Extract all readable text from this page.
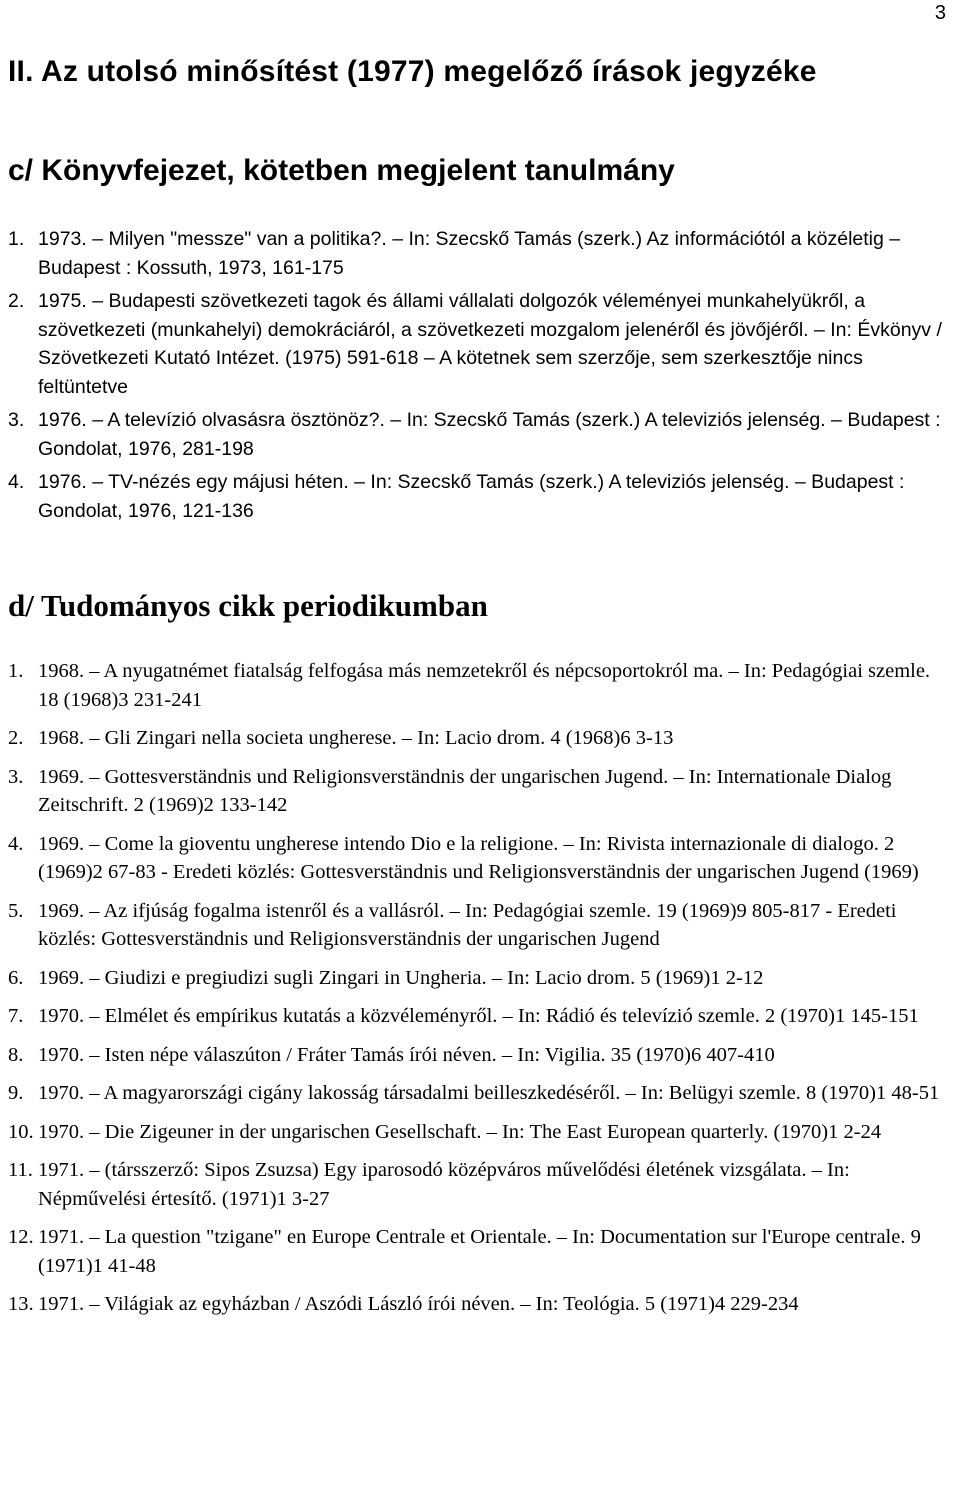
3
II. Az utolsó minősítést (1977) megelőző írások jegyzéke
c/ Könyvfejezet, kötetben megjelent tanulmány
1. 1973. – Milyen "messze" van a politika?. – In: Szecskő Tamás (szerk.) Az információtól a közéletig – Budapest : Kossuth, 1973, 161-175
2. 1975. – Budapesti szövetkezeti tagok és állami vállalati dolgozók véleményei munkahelyükről, a szövetkezeti (munkahelyi) demokráciáról, a szövetkezeti mozgalom jelenéről és jövőjéről. – In: Évkönyv / Szövetkezeti Kutató Intézet. (1975) 591-618 – A kötetnek sem szerzője, sem szerkesztője nincs feltüntetve
3. 1976. – A televízió olvasásra ösztönöz?. – In: Szecskő Tamás (szerk.) A televiziós jelenség. – Budapest : Gondolat, 1976, 281-198
4. 1976. – TV-nézés egy májusi héten. – In: Szecskő Tamás (szerk.) A televiziós jelenség. – Budapest : Gondolat, 1976, 121-136
d/ Tudományos cikk periodikumban
1. 1968. – A nyugatnémet fiatalság felfogása más nemzetekről és népcsoportokról ma. – In: Pedagógiai szemle. 18 (1968)3 231-241
2. 1968. – Gli Zingari nella societa ungherese. – In: Lacio drom. 4 (1968)6 3-13
3. 1969. – Gottesverständnis und Religionsverständnis der ungarischen Jugend. – In: Internationale Dialog Zeitschrift. 2 (1969)2 133-142
4. 1969. – Come la gioventu ungherese intendo Dio e la religione. – In: Rivista internazionale di dialogo. 2 (1969)2 67-83 - Eredeti közlés: Gottesverständnis und Religionsverständnis der ungarischen Jugend (1969)
5. 1969. – Az ifjúság fogalma istenről és a vallásról. – In: Pedagógiai szemle. 19 (1969)9 805-817 - Eredeti közlés: Gottesverständnis und Religionsverständnis der ungarischen Jugend
6. 1969. – Giudizi e pregiudizi sugli Zingari in Ungheria. – In: Lacio drom. 5 (1969)1 2-12
7. 1970. – Elmélet és empírikus kutatás a közvéleményről. – In: Rádió és televízió szemle. 2 (1970)1 145-151
8. 1970. – Isten népe válaszúton / Fráter Tamás írói néven. – In: Vigilia. 35 (1970)6 407-410
9. 1970. – A magyarországi cigány lakosság társadalmi beilleszkedéséről. – In: Belügyi szemle. 8 (1970)1 48-51
10. 1970. – Die Zigeuner in der ungarischen Gesellschaft. – In: The East European quarterly. (1970)1 2-24
11. 1971. – (társszerző: Sipos Zsuzsa) Egy iparosodó középváros művelődési életének vizsgálata. – In: Népművelési értesítő. (1971)1 3-27
12. 1971. – La question "tzigane" en Europe Centrale et Orientale. – In: Documentation sur l'Europe centrale. 9 (1971)1 41-48
13. 1971. – Világiak az egyházban / Aszódi László írói néven. – In: Teológia. 5 (1971)4 229-234
